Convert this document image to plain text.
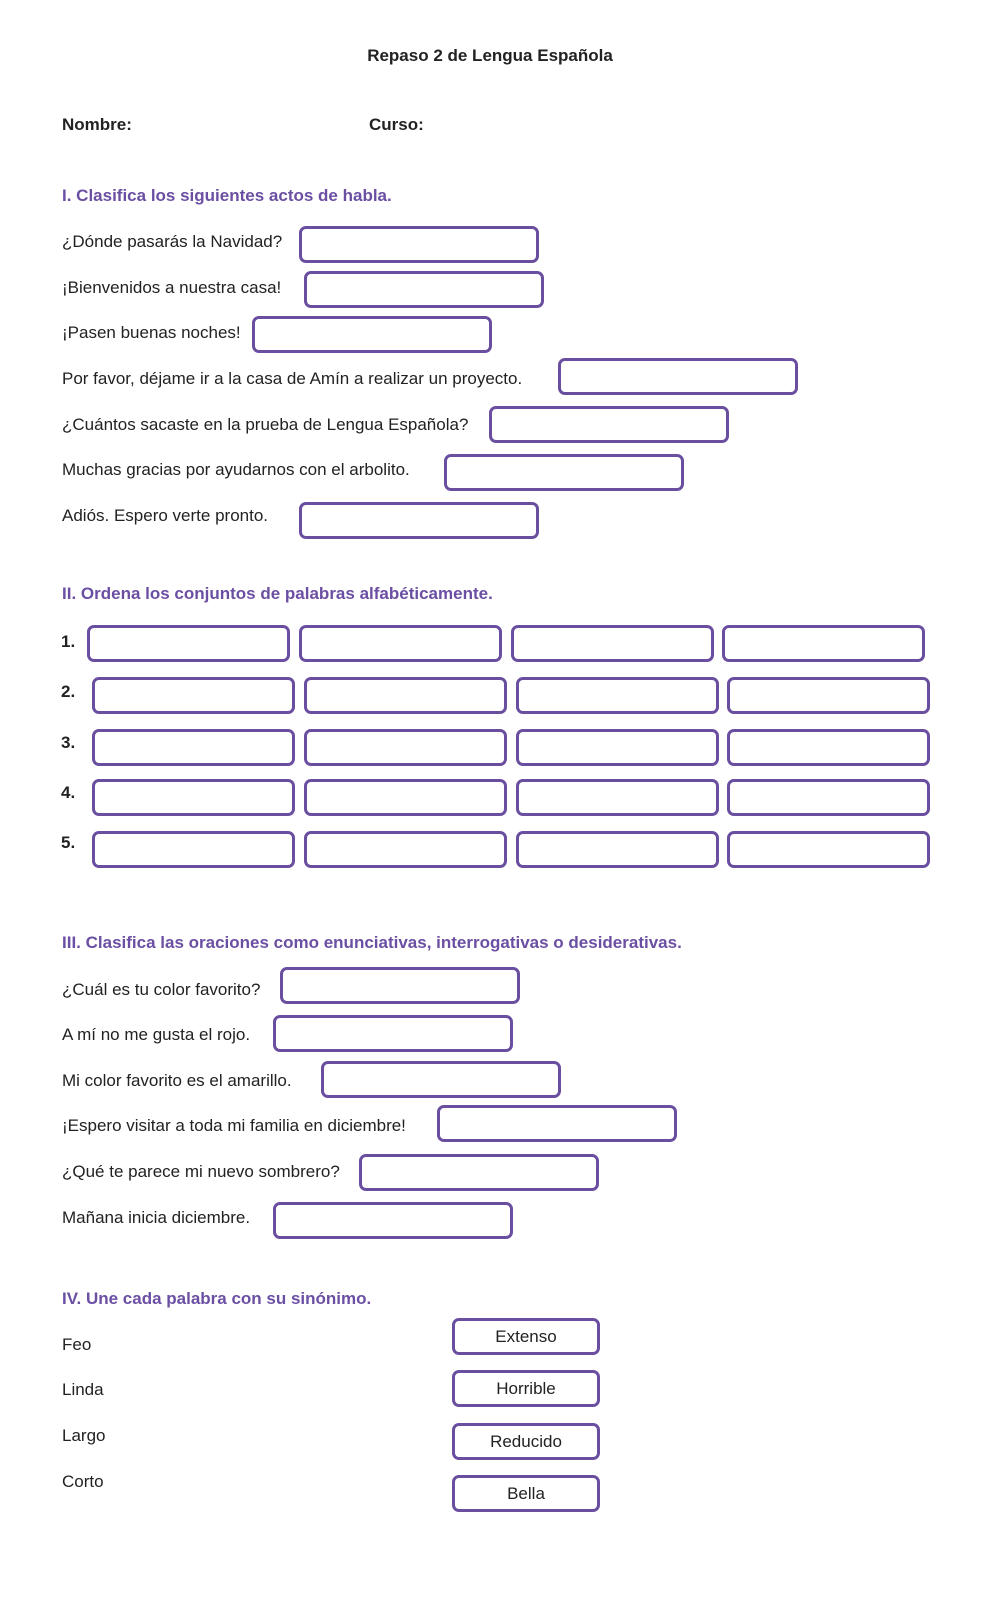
Repaso 2 de Lengua Española
Nombre:	Curso:
I. Clasifica los siguientes actos de habla.
¿Dónde pasarás la Navidad?
¡Bienvenidos a nuestra casa!
¡Pasen buenas noches!
Por favor, déjame ir a la casa de Amín a realizar un proyecto.
¿Cuántos sacaste en la prueba de Lengua Española?
Muchas gracias por ayudarnos con el arbolito.
Adiós. Espero verte pronto.
II. Ordena los conjuntos de palabras alfabéticamente.
1.
2.
3.
4.
5.
III. Clasifica las oraciones como enunciativas, interrogativas o desiderativas.
¿Cuál es tu color favorito?
A mí no me gusta el rojo.
Mi color favorito es el amarillo.
¡Espero visitar a toda mi familia en diciembre!
¿Qué te parece mi nuevo sombrero?
Mañana inicia diciembre.
IV. Une cada palabra con su sinónimo.
Feo
Linda
Largo
Corto
Extenso
Horrible
Reducido
Bella
